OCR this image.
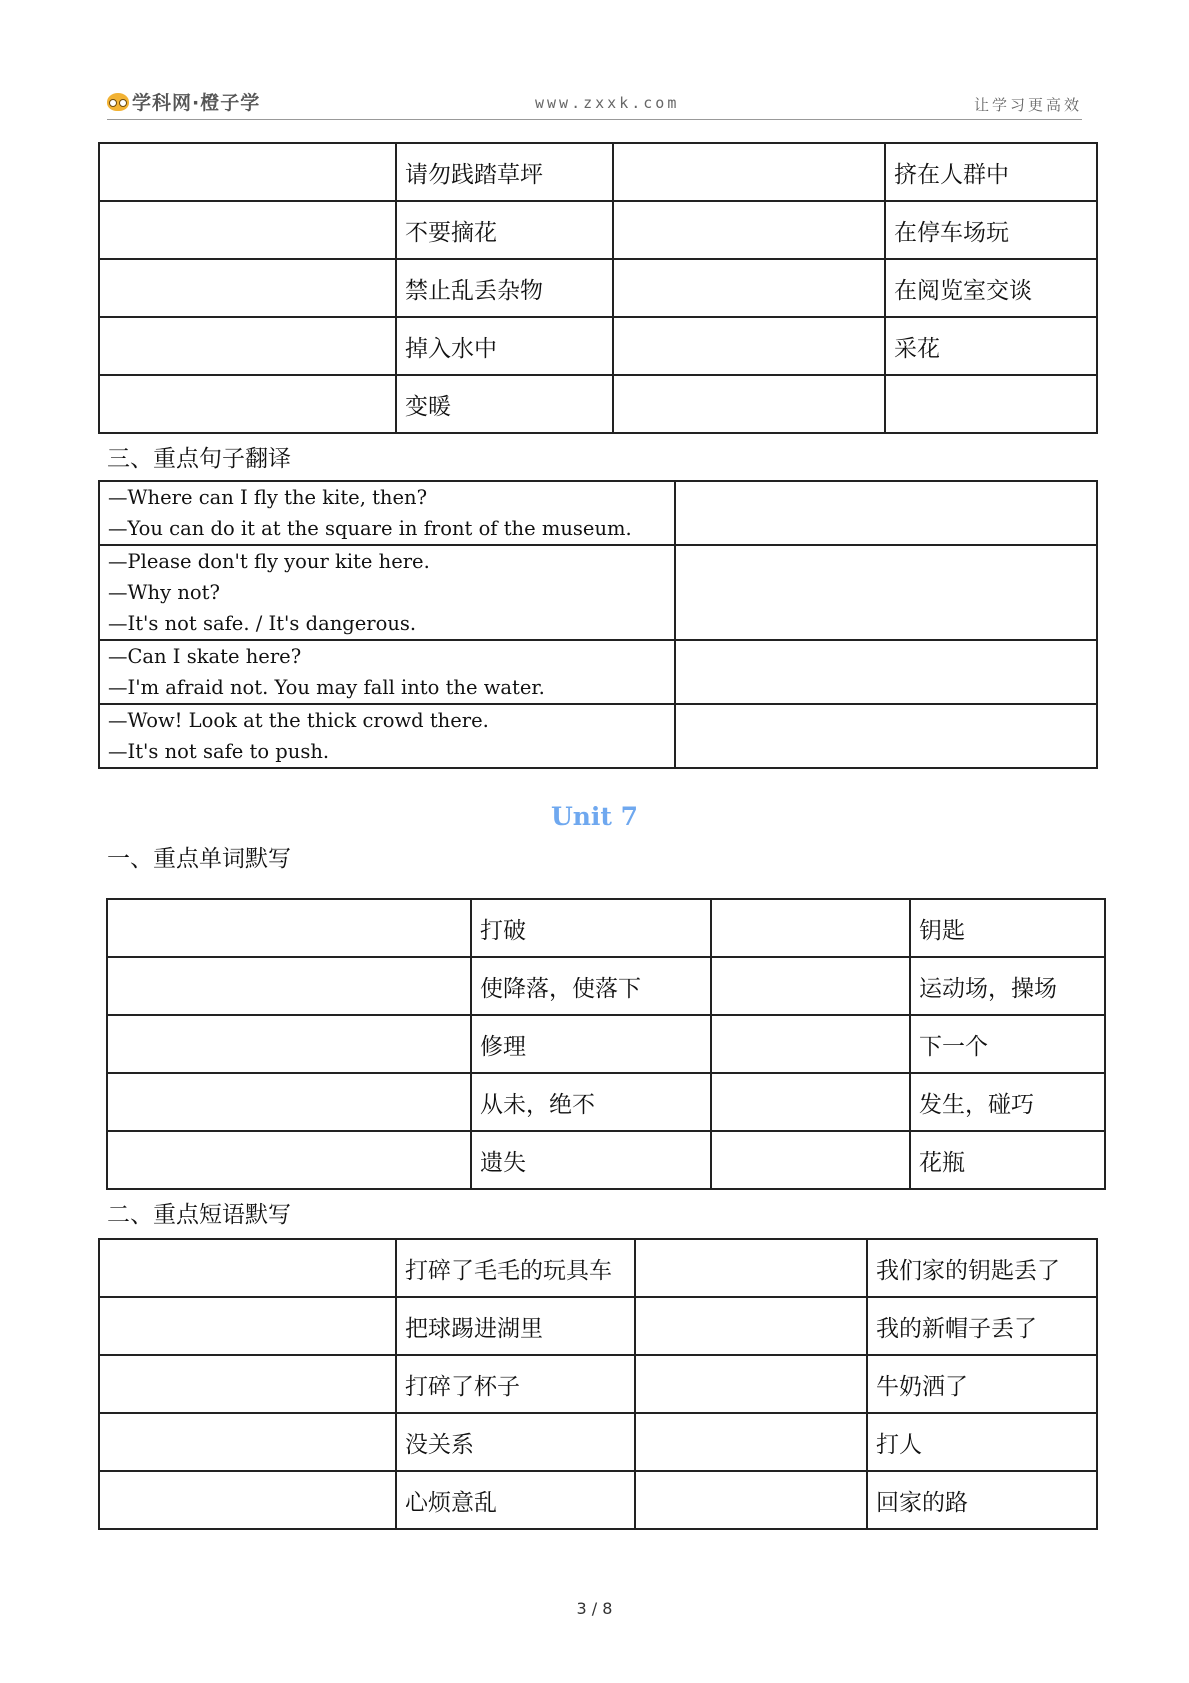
学科网·橙子学	www.zxxk.com	让学习更高效
	请勿践踏草坪		挤在人群中
	不要摘花		在停车场玩
	禁止乱丢杂物		在阅览室交谈
	掉入水中		采花
	变暖		
三、重点句子翻译
—Where can I fly the kite, then?
—You can do it at the square in front of the museum.	

—Please don't fly your kite here.
—Why not?
—It's not safe. / It's dangerous.	

—Can I skate here?
—I'm afraid not. You may fall into the water.	

—Wow! Look at the thick crowd there.
—It's not safe to push.	

Unit 7
一、重点单词默写
	打破		钥匙
	使降落，使落下		运动场，操场
	修理		下一个
	从未，绝不		发生，碰巧
	遗失		花瓶
二、重点短语默写
	打碎了毛毛的玩具车		我们家的钥匙丢了
	把球踢进湖里		我的新帽子丢了
	打碎了杯子		牛奶洒了
	没关系		打人
	心烦意乱		回家的路
3 / 8
